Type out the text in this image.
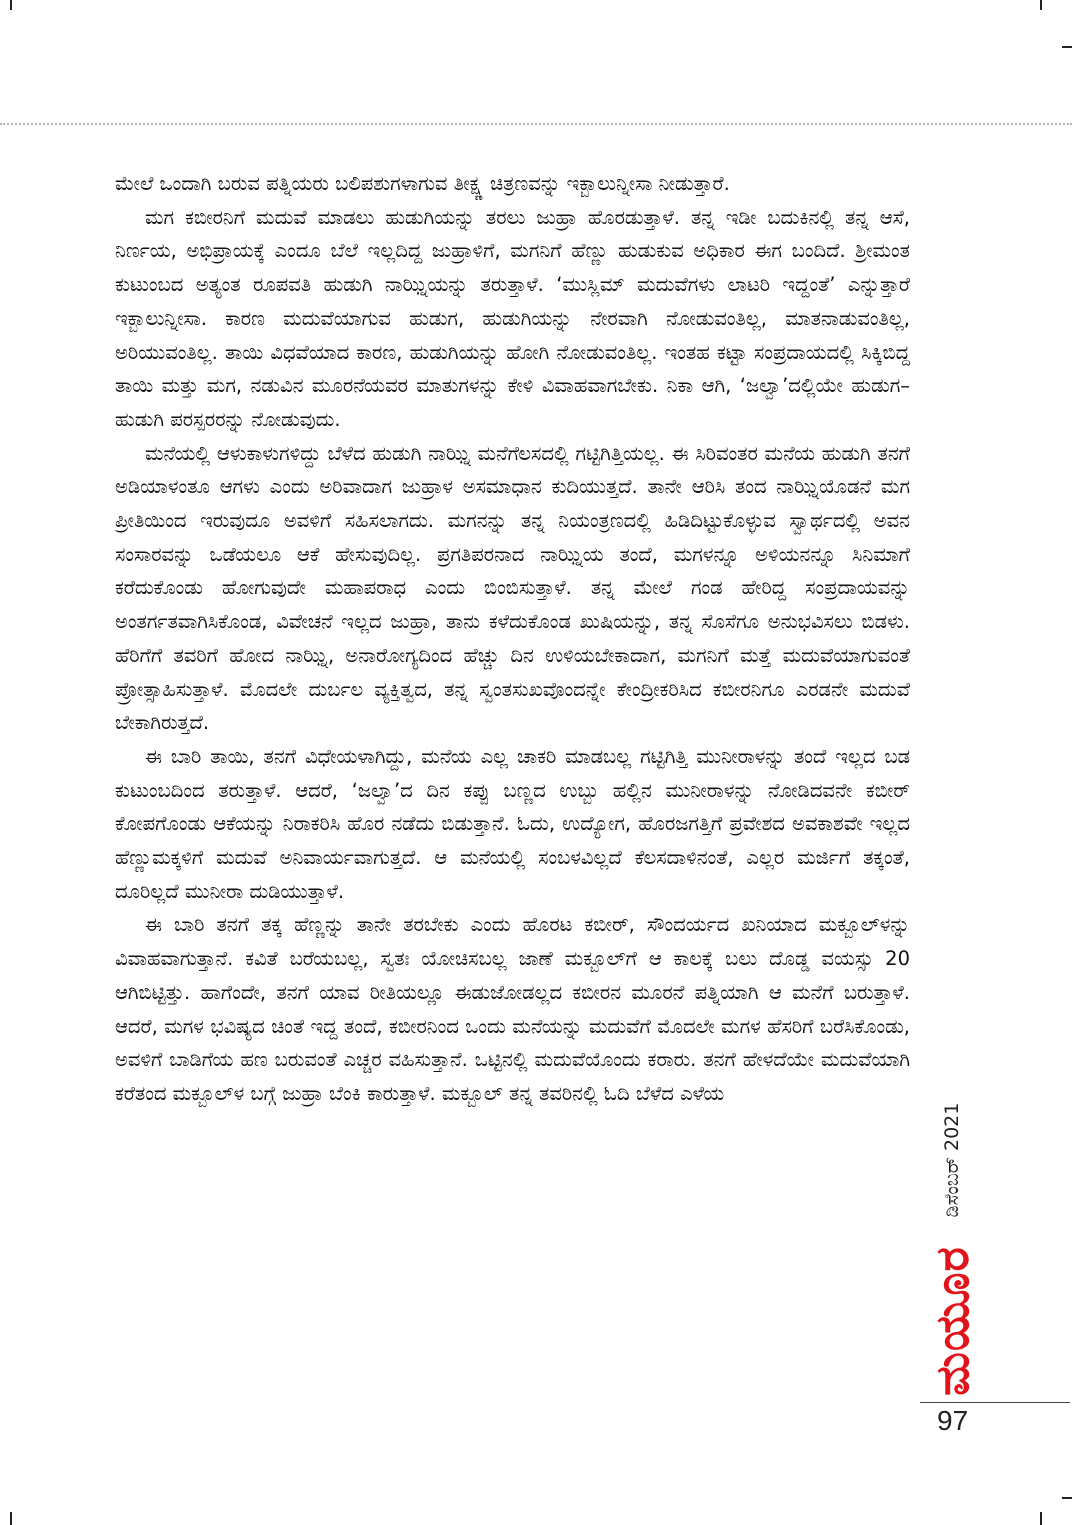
ಮೇಲೆ ಒಂದಾಗಿ ಬರುವ ಪತ್ನಿಯರು ಬಲಿಪಶುಗಳಾಗುವ ತೀಕ್ಷ್ಣ ಚಿತ್ರಣವನ್ನು ಇಕ್ಬಾಲುನ್ನೀಸಾ ನೀಡುತ್ತಾರೆ.

ಮಗ ಕಬೀರನಿಗೆ ಮದುವೆ ಮಾಡಲು ಹುಡುಗಿಯನ್ನು ತರಲು ಜುಹ್ರಾ ಹೊರಡುತ್ತಾಳೆ. ತನ್ನ ಇಡೀ ಬದುಕಿನಲ್ಲಿ ತನ್ನ ಆಸೆ, ನಿರ್ಣಯ, ಅಭಿಪ್ರಾಯಕ್ಕೆ ಎಂದೂ ಬೆಲೆ ಇಲ್ಲದಿದ್ದ ಜುಹ್ರಾಳಿಗೆ, ಮಗನಿಗೆ ಹೆಣ್ಣು ಹುಡುಕುವ ಅಧಿಕಾರ ಈಗ ಬಂದಿದೆ. ಶ್ರೀಮಂತ ಕುಟುಂಬದ ಅತ್ಯಂತ ರೂಪವತಿ ಹುಡುಗಿ ನಾಝ್ನಿಯನ್ನು ತರುತ್ತಾಳೆ. ‘ಮುಸ್ಲಿಮ್ ಮದುವೆಗಳು ಲಾಟರಿ ಇದ್ದಂತೆ’ ಎನ್ನುತ್ತಾರೆ ಇಕ್ಬಾಲುನ್ನೀಸಾ. ಕಾರಣ ಮದುವೆಯಾಗುವ ಹುಡುಗ, ಹುಡುಗಿಯನ್ನು ನೇರವಾಗಿ ನೋಡುವಂತಿಲ್ಲ, ಮಾತನಾಡುವಂತಿಲ್ಲ, ಅರಿಯುವಂತಿಲ್ಲ. ತಾಯಿ ವಿಧವೆಯಾದ ಕಾರಣ, ಹುಡುಗಿಯನ್ನು ಹೋಗಿ ನೋಡುವಂತಿಲ್ಲ. ಇಂತಹ ಕಟ್ಟಾ ಸಂಪ್ರದಾಯದಲ್ಲಿ ಸಿಕ್ಕಿಬಿದ್ದ ತಾಯಿ ಮತ್ತು ಮಗ, ನಡುವಿನ ಮೂರನೆಯವರ ಮಾತುಗಳನ್ನು ಕೇಳಿ ವಿವಾಹವಾಗಬೇಕು. ನಿಕಾ ಆಗಿ, ‘ಜಲ್ವಾ’ದಲ್ಲಿಯೇ ಹುಡುಗ–ಹುಡುಗಿ ಪರಸ್ಪರರನ್ನು ನೋಡುವುದು.

ಮನೆಯಲ್ಲಿ ಆಳುಕಾಳುಗಳಿದ್ದು ಬೆಳೆದ ಹುಡುಗಿ ನಾಝ್ನಿ ಮನೆಗೆಲಸದಲ್ಲಿ ಗಟ್ಟಿಗಿತ್ತಿಯಲ್ಲ. ಈ ಸಿರಿವಂತರ ಮನೆಯ ಹುಡುಗಿ ತನಗೆ ಅಡಿಯಾಳಂತೂ ಆಗಳು ಎಂದು ಅರಿವಾದಾಗ ಜುಹ್ರಾಳ ಅಸಮಾಧಾನ ಕುದಿಯುತ್ತದೆ. ತಾನೇ ಆರಿಸಿ ತಂದ ನಾಝ್ನಿಯೊಡನೆ ಮಗ ಪ್ರೀತಿಯಿಂದ ಇರುವುದೂ ಅವಳಿಗೆ ಸಹಿಸಲಾಗದು. ಮಗನನ್ನು ತನ್ನ ನಿಯಂತ್ರಣದಲ್ಲಿ ಹಿಡಿದಿಟ್ಟುಕೊಳ್ಳುವ ಸ್ವಾರ್ಥದಲ್ಲಿ ಅವನ ಸಂಸಾರವನ್ನು ಒಡೆಯಲೂ ಆಕೆ ಹೇಸುವುದಿಲ್ಲ. ಪ್ರಗತಿಪರನಾದ ನಾಝ್ನಿಯ ತಂದೆ, ಮಗಳನ್ನೂ ಅಳಿಯನನ್ನೂ ಸಿನಿಮಾಗೆ ಕರೆದುಕೊಂಡು ಹೋಗುವುದೇ ಮಹಾಪರಾಧ ಎಂದು ಬಿಂಬಿಸುತ್ತಾಳೆ. ತನ್ನ ಮೇಲೆ ಗಂಡ ಹೇರಿದ್ದ ಸಂಪ್ರದಾಯವನ್ನು ಅಂತರ್ಗತವಾಗಿಸಿಕೊಂಡ, ವಿವೇಚನೆ ಇಲ್ಲದ ಜುಹ್ರಾ, ತಾನು ಕಳೆದುಕೊಂಡ ಖುಷಿಯನ್ನು, ತನ್ನ ಸೊಸೆಗೂ ಅನುಭವಿಸಲು ಬಿಡಳು. ಹೆರಿಗೆಗೆ ತವರಿಗೆ ಹೋದ ನಾಝ್ನಿ, ಅನಾರೋಗ್ಯದಿಂದ ಹೆಚ್ಚು ದಿನ ಉಳಿಯಬೇಕಾದಾಗ, ಮಗನಿಗೆ ಮತ್ತೆ ಮದುವೆಯಾಗುವಂತೆ ಪ್ರೋತ್ಸಾಹಿಸುತ್ತಾಳೆ. ಮೊದಲೇ ದುರ್ಬಲ ವ್ಯಕ್ತಿತ್ವದ, ತನ್ನ ಸ್ವಂತಸುಖವೊಂದನ್ನೇ ಕೇಂದ್ರೀಕರಿಸಿದ ಕಬೀರನಿಗೂ ಎರಡನೇ ಮದುವೆ ಬೇಕಾಗಿರುತ್ತದೆ.

ಈ ಬಾರಿ ತಾಯಿ, ತನಗೆ ವಿಧೇಯಳಾಗಿದ್ದು, ಮನೆಯ ಎಲ್ಲ ಚಾಕರಿ ಮಾಡಬಲ್ಲ ಗಟ್ಟಿಗಿತ್ತಿ ಮುನೀರಾಳನ್ನು ತಂದೆ ಇಲ್ಲದ ಬಡ ಕುಟುಂಬದಿಂದ ತರುತ್ತಾಳೆ. ಆದರೆ, ‘ಜಲ್ವಾ’ದ ದಿನ ಕಪ್ಪು ಬಣ್ಣದ ಉಬ್ಬು ಹಲ್ಲಿನ ಮುನೀರಾಳನ್ನು ನೋಡಿದವನೇ ಕಬೀರ್ ಕೋಪಗೊಂಡು ಆಕೆಯನ್ನು ನಿರಾಕರಿಸಿ ಹೊರ ನಡೆದು ಬಿಡುತ್ತಾನೆ. ಓದು, ಉದ್ಯೋಗ, ಹೊರಜಗತ್ತಿಗೆ ಪ್ರವೇಶದ ಅವಕಾಶವೇ ಇಲ್ಲದ ಹೆಣ್ಣುಮಕ್ಕಳಿಗೆ ಮದುವೆ ಅನಿವಾರ್ಯವಾಗುತ್ತದೆ. ಆ ಮನೆಯಲ್ಲಿ ಸಂಬಳವಿಲ್ಲದೆ ಕೆಲಸದಾಳಿನಂತೆ, ಎಲ್ಲರ ಮರ್ಜಿಗೆ ತಕ್ಕಂತೆ, ದೂರಿಲ್ಲದೆ ಮುನೀರಾ ದುಡಿಯುತ್ತಾಳೆ.

ಈ ಬಾರಿ ತನಗೆ ತಕ್ಕ ಹೆಣ್ಣನ್ನು ತಾನೇ ತರಬೇಕು ಎಂದು ಹೊರಟ ಕಬೀರ್, ಸೌಂದರ್ಯದ ಖನಿಯಾದ ಮಕ್ಬೂಲ್‌ಳನ್ನು ವಿವಾಹವಾಗುತ್ತಾನೆ. ಕವಿತೆ ಬರೆಯಬಲ್ಲ, ಸ್ವತಃ ಯೋಚಿಸಬಲ್ಲ ಜಾಣೆ ಮಕ್ಬೂಲ್‌ಗೆ ಆ ಕಾಲಕ್ಕೆ ಬಲು ದೊಡ್ಡ ವಯಸ್ಸು 20 ಆಗಿಬಿಟ್ಟಿತ್ತು. ಹಾಗೆಂದೇ, ತನಗೆ ಯಾವ ರೀತಿಯಲ್ಲೂ ಈಡುಜೋಡಲ್ಲದ ಕಬೀರನ ಮೂರನೆ ಪತ್ನಿಯಾಗಿ ಆ ಮನೆಗೆ ಬರುತ್ತಾಳೆ. ಆದರೆ, ಮಗಳ ಭವಿಷ್ಯದ ಚಿಂತೆ ಇದ್ದ ತಂದೆ, ಕಬೀರನಿಂದ ಒಂದು ಮನೆಯನ್ನು ಮದುವೆಗೆ ಮೊದಲೇ ಮಗಳ ಹೆಸರಿಗೆ ಬರೆಸಿಕೊಂಡು, ಅವಳಿಗೆ ಬಾಡಿಗೆಯ ಹಣ ಬರುವಂತೆ ಎಚ್ಚರ ವಹಿಸುತ್ತಾನೆ. ಒಟ್ಟಿನಲ್ಲಿ ಮದುವೆಯೊಂದು ಕರಾರು. ತನಗೆ ಹೇಳದೆಯೇ ಮದುವೆಯಾಗಿ ಕರೆತಂದ ಮಕ್ಬೂಲ್‌ಳ ಬಗ್ಗೆ ಜುಹ್ರಾ ಬೆಂಕಿ ಕಾರುತ್ತಾಳೆ. ಮಕ್ಬೂಲ್ ತನ್ನ ತವರಿನಲ್ಲಿ ಓದಿ ಬೆಳೆದ ಎಳೆಯ

ಡಿಸೆಂಬರ್ 2021
ಮಯೂರ
97
